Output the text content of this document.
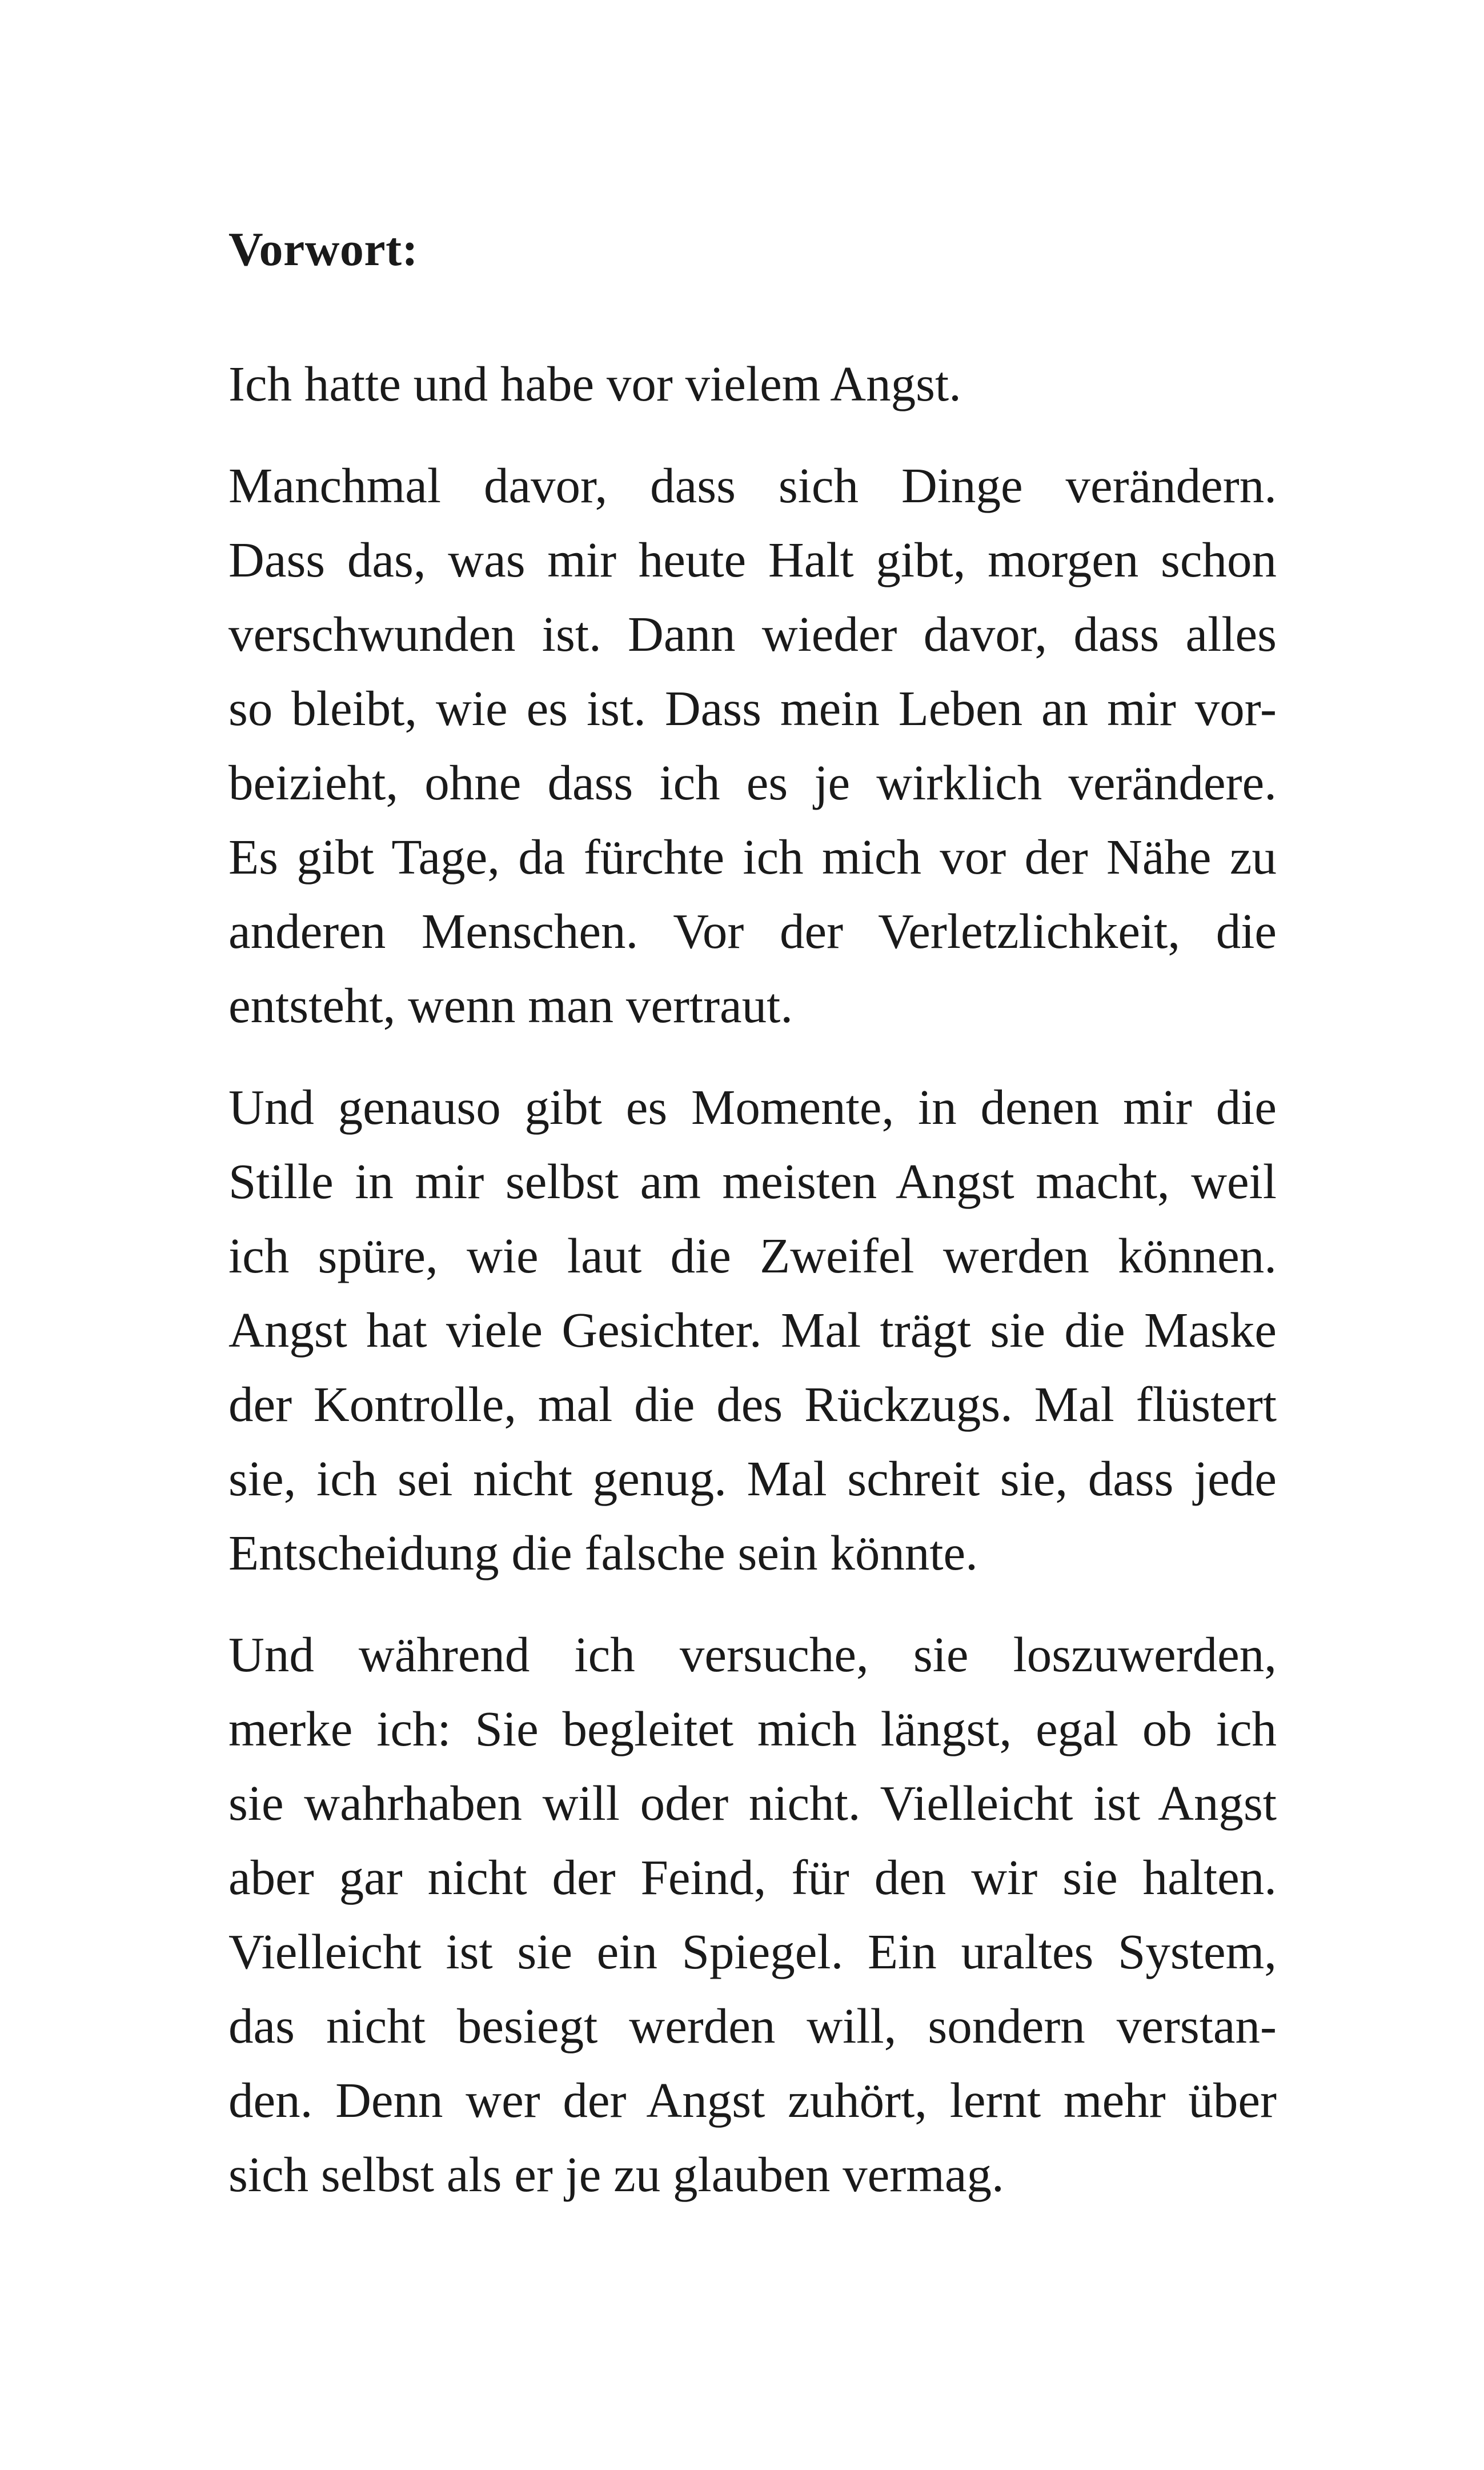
Vorwort:
Ich hatte und habe vor vielem Angst.
Manchmal davor, dass sich Dinge verändern.
Dass das, was mir heute Halt gibt, morgen schon
verschwunden ist. Dann wieder davor, dass alles
so bleibt, wie es ist. Dass mein Leben an mir vor-
beizieht, ohne dass ich es je wirklich verändere.
Es gibt Tage, da fürchte ich mich vor der Nähe zu
anderen Menschen. Vor der Verletzlichkeit, die
entsteht, wenn man vertraut.
Und genauso gibt es Momente, in denen mir die
Stille in mir selbst am meisten Angst macht, weil
ich spüre, wie laut die Zweifel werden können.
Angst hat viele Gesichter. Mal trägt sie die Maske
der Kontrolle, mal die des Rückzugs. Mal flüstert
sie, ich sei nicht genug. Mal schreit sie, dass jede
Entscheidung die falsche sein könnte.
Und während ich versuche, sie loszuwerden,
merke ich: Sie begleitet mich längst, egal ob ich
sie wahrhaben will oder nicht. Vielleicht ist Angst
aber gar nicht der Feind, für den wir sie halten.
Vielleicht ist sie ein Spiegel. Ein uraltes System,
das nicht besiegt werden will, sondern verstan-
den. Denn wer der Angst zuhört, lernt mehr über
sich selbst als er je zu glauben vermag.
